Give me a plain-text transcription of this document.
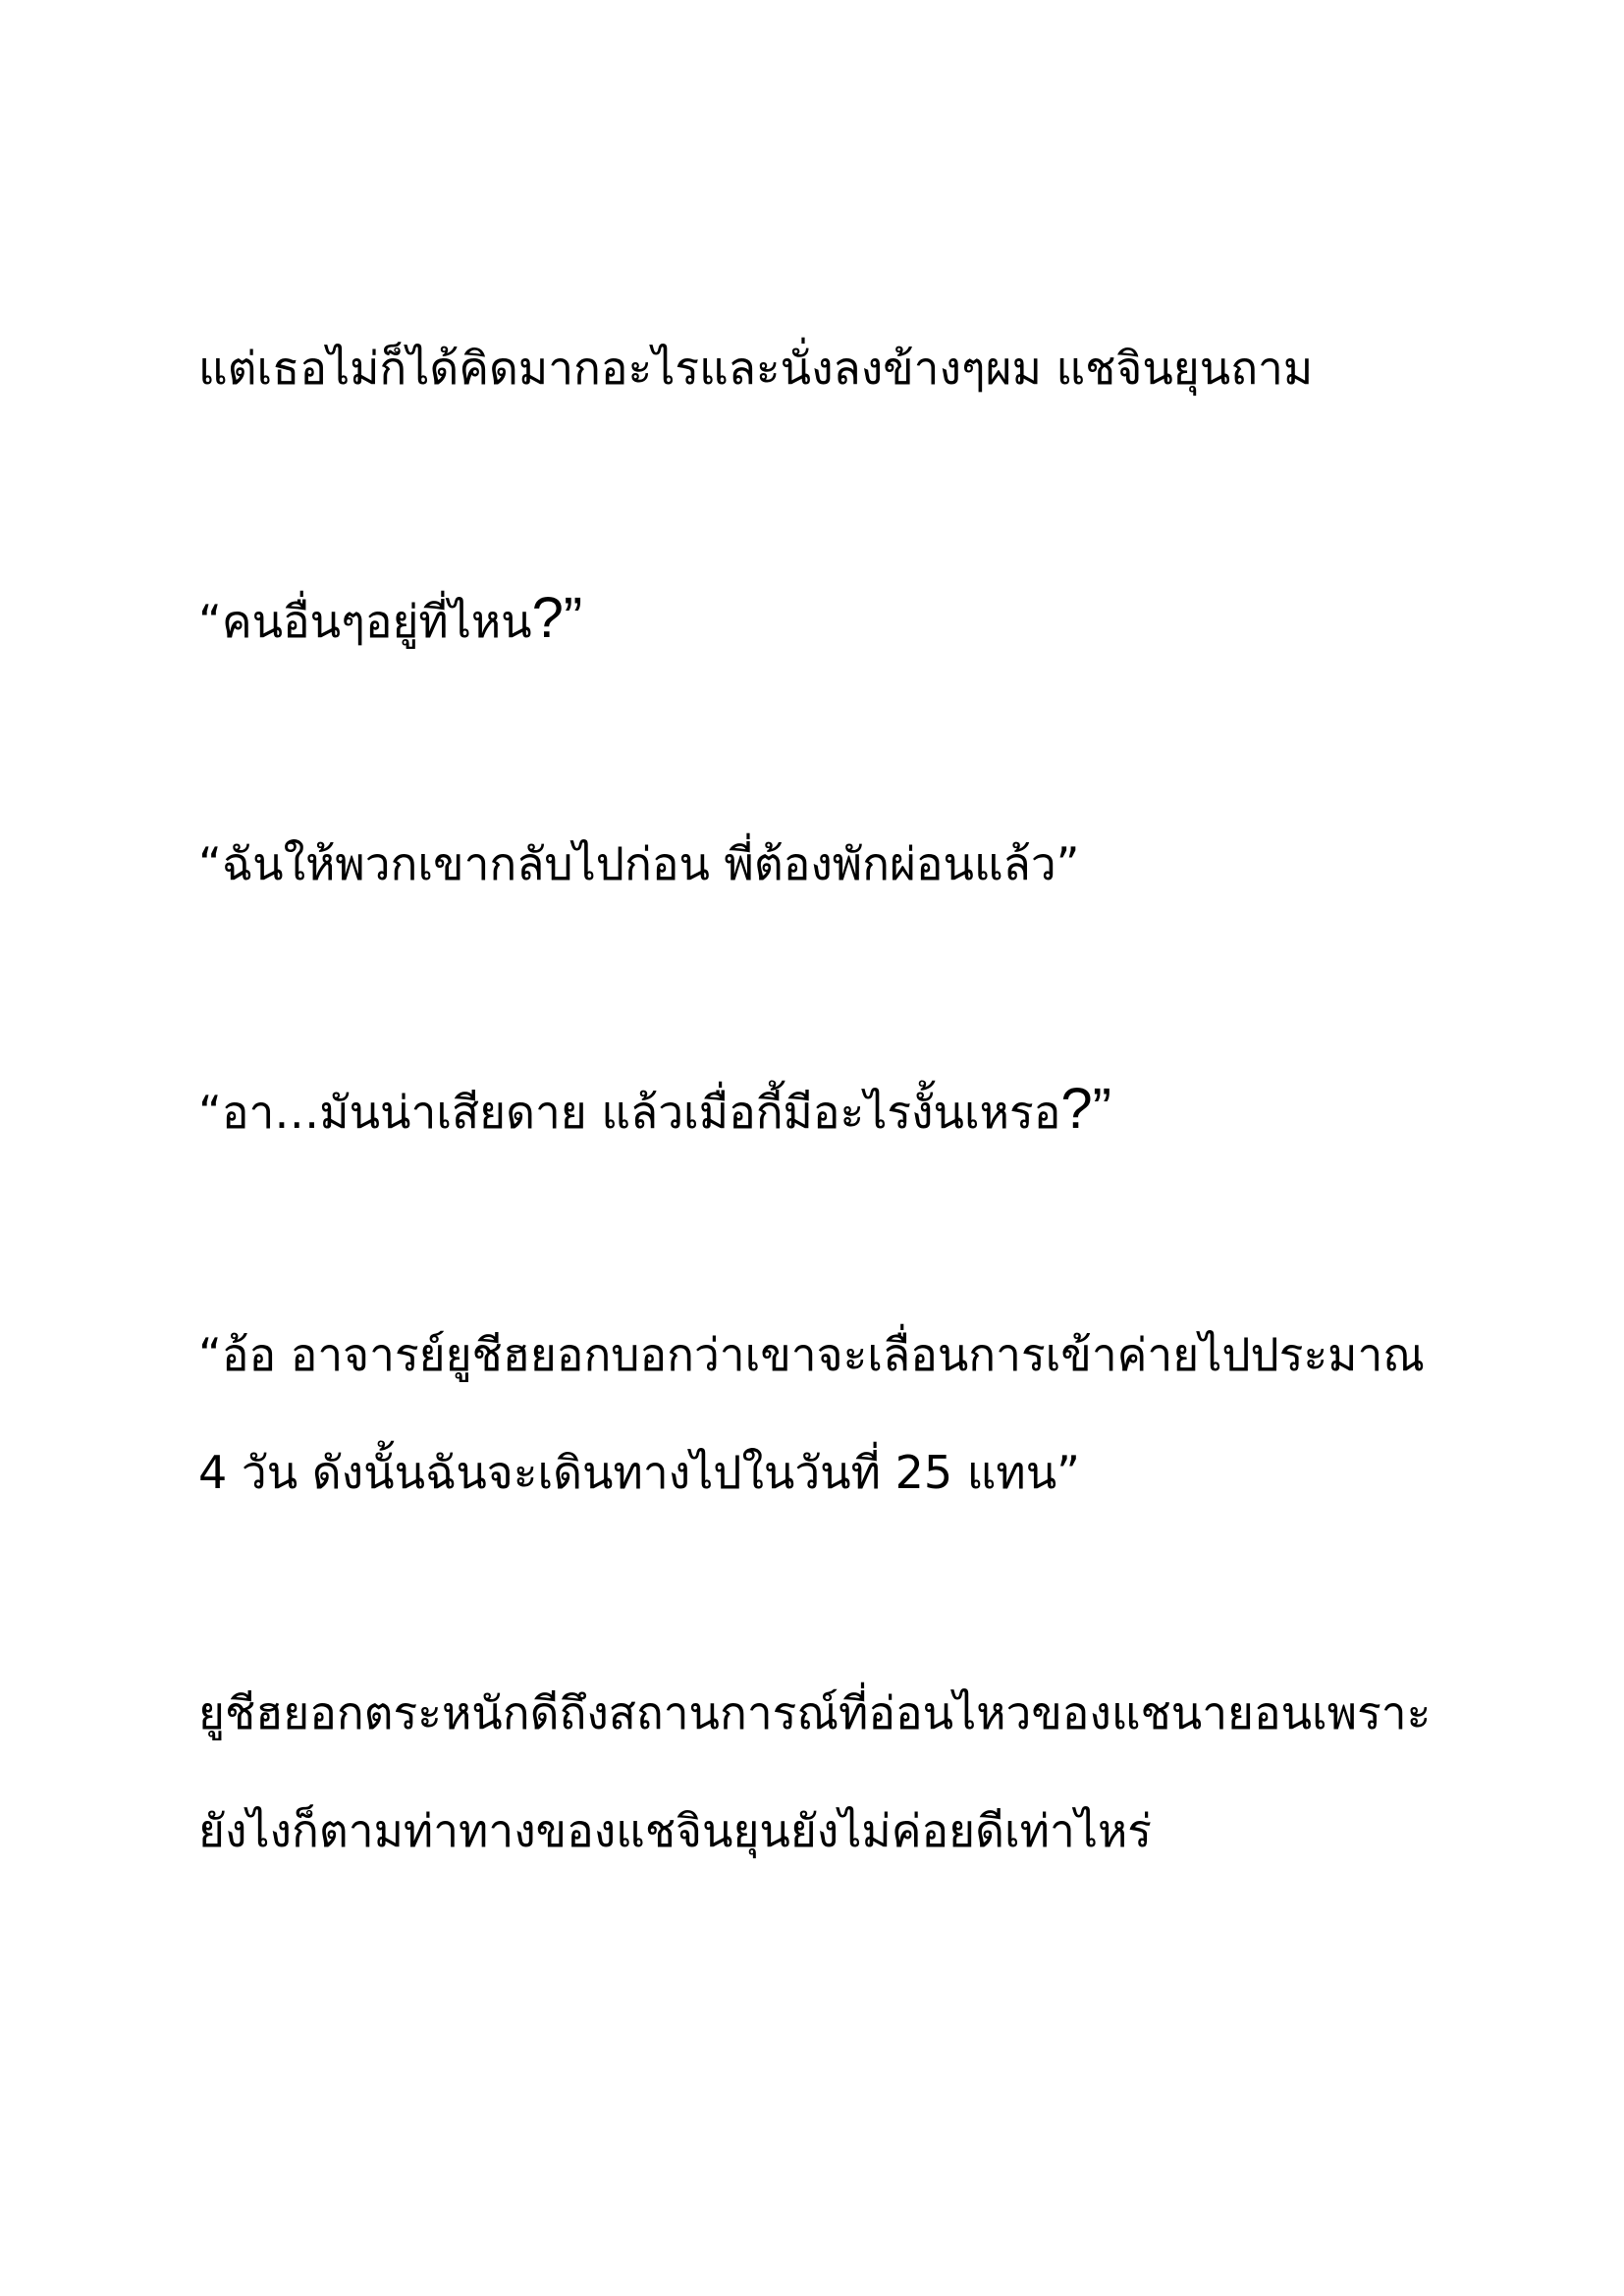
แต่เธอไม่ก็ได้คิดมากอะไรและนั่งลงข้างๆผม แชจินยุนถาม

“คนอื่นๆอยู่ที่ไหน?”

“ฉันให้พวกเขากลับไปก่อน พี่ต้องพักผ่อนแล้ว”

“อา…มันน่าเสียดาย แล้วเมื่อกี้มีอะไรงั้นเหรอ?”

“อ้อ อาจารย์ยูชีฮยอกบอกว่าเขาจะเลื่อนการเข้าค่ายไปประมาณ

4 วัน ดังนั้นฉันจะเดินทางไปในวันที่ 25 แทน”

ยูชีฮยอกตระหนักดีถึงสถานการณ์ที่อ่อนไหวของแชนายอนเพราะ

ยังไงก็ตามท่าทางของแชจินยุนยังไม่ค่อยดีเท่าไหร่
